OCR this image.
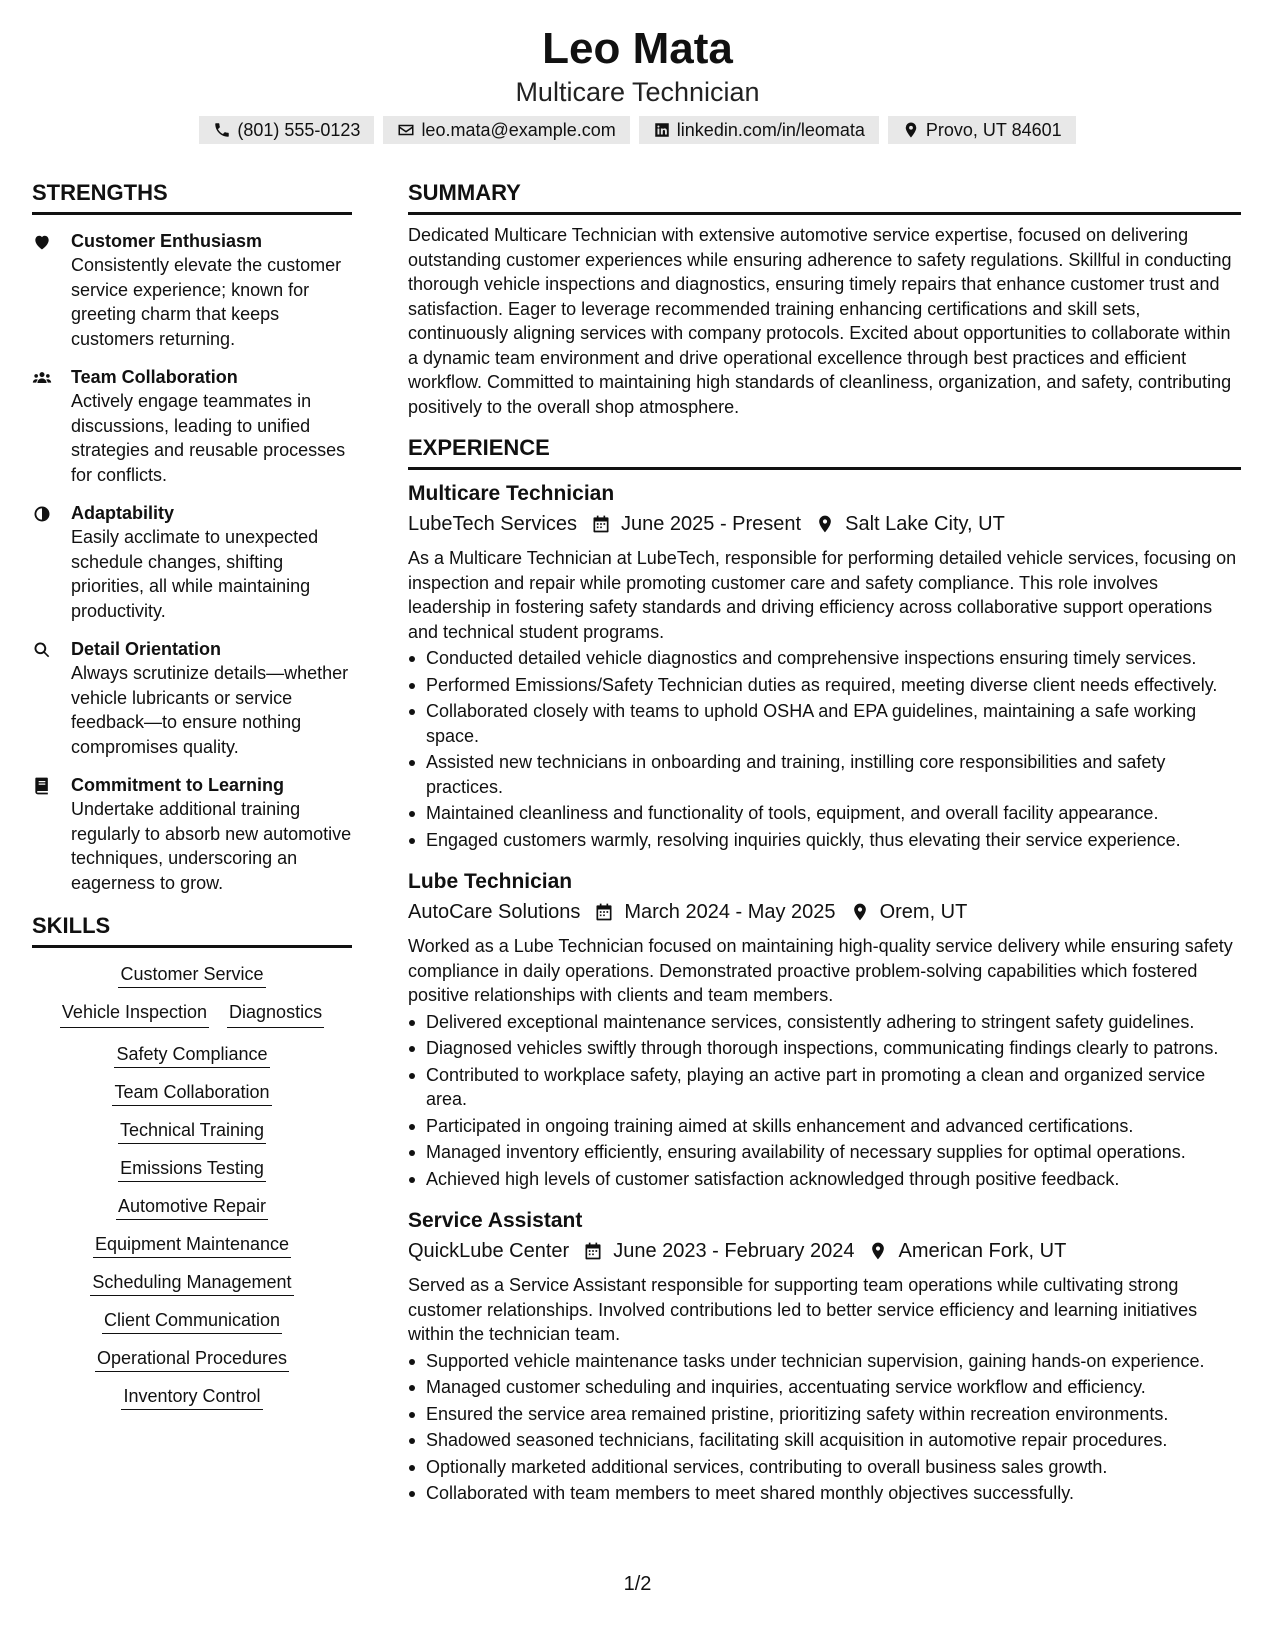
Leo Mata
Multicare Technician
(801) 555-0123	leo.mata@example.com	linkedin.com/in/leomata	Provo, UT 84601
STRENGTHS
Customer Enthusiasm
Consistently elevate the customer service experience; known for greeting charm that keeps customers returning.
Team Collaboration
Actively engage teammates in discussions, leading to unified strategies and reusable processes for conflicts.
Adaptability
Easily acclimate to unexpected schedule changes, shifting priorities, all while maintaining productivity.
Detail Orientation
Always scrutinize details—whether vehicle lubricants or service feedback—to ensure nothing compromises quality.
Commitment to Learning
Undertake additional training regularly to absorb new automotive techniques, underscoring an eagerness to grow.
SKILLS
Customer Service
Vehicle Inspection Diagnostics
Safety Compliance
Team Collaboration
Technical Training
Emissions Testing
Automotive Repair
Equipment Maintenance
Scheduling Management
Client Communication
Operational Procedures
Inventory Control
SUMMARY
Dedicated Multicare Technician with extensive automotive service expertise, focused on delivering outstanding customer experiences while ensuring adherence to safety regulations. Skillful in conducting thorough vehicle inspections and diagnostics, ensuring timely repairs that enhance customer trust and satisfaction. Eager to leverage recommended training enhancing certifications and skill sets, continuously aligning services with company protocols. Excited about opportunities to collaborate within a dynamic team environment and drive operational excellence through best practices and efficient workflow. Committed to maintaining high standards of cleanliness, organization, and safety, contributing positively to the overall shop atmosphere.
EXPERIENCE
Multicare Technician
LubeTech Services June 2025 - Present Salt Lake City, UT
As a Multicare Technician at LubeTech, responsible for performing detailed vehicle services, focusing on inspection and repair while promoting customer care and safety compliance. This role involves leadership in fostering safety standards and driving efficiency across collaborative support operations and technical student programs.
Conducted detailed vehicle diagnostics and comprehensive inspections ensuring timely services.
Performed Emissions/Safety Technician duties as required, meeting diverse client needs effectively.
Collaborated closely with teams to uphold OSHA and EPA guidelines, maintaining a safe working space.
Assisted new technicians in onboarding and training, instilling core responsibilities and safety practices.
Maintained cleanliness and functionality of tools, equipment, and overall facility appearance.
Engaged customers warmly, resolving inquiries quickly, thus elevating their service experience.
Lube Technician
AutoCare Solutions March 2024 - May 2025 Orem, UT
Worked as a Lube Technician focused on maintaining high-quality service delivery while ensuring safety compliance in daily operations. Demonstrated proactive problem-solving capabilities which fostered positive relationships with clients and team members.
Delivered exceptional maintenance services, consistently adhering to stringent safety guidelines.
Diagnosed vehicles swiftly through thorough inspections, communicating findings clearly to patrons.
Contributed to workplace safety, playing an active part in promoting a clean and organized service area.
Participated in ongoing training aimed at skills enhancement and advanced certifications.
Managed inventory efficiently, ensuring availability of necessary supplies for optimal operations.
Achieved high levels of customer satisfaction acknowledged through positive feedback.
Service Assistant
QuickLube Center June 2023 - February 2024 American Fork, UT
Served as a Service Assistant responsible for supporting team operations while cultivating strong customer relationships. Involved contributions led to better service efficiency and learning initiatives within the technician team.
Supported vehicle maintenance tasks under technician supervision, gaining hands-on experience.
Managed customer scheduling and inquiries, accentuating service workflow and efficiency.
Ensured the service area remained pristine, prioritizing safety within recreation environments.
Shadowed seasoned technicians, facilitating skill acquisition in automotive repair procedures.
Optionally marketed additional services, contributing to overall business sales growth.
Collaborated with team members to meet shared monthly objectives successfully.
1/2
